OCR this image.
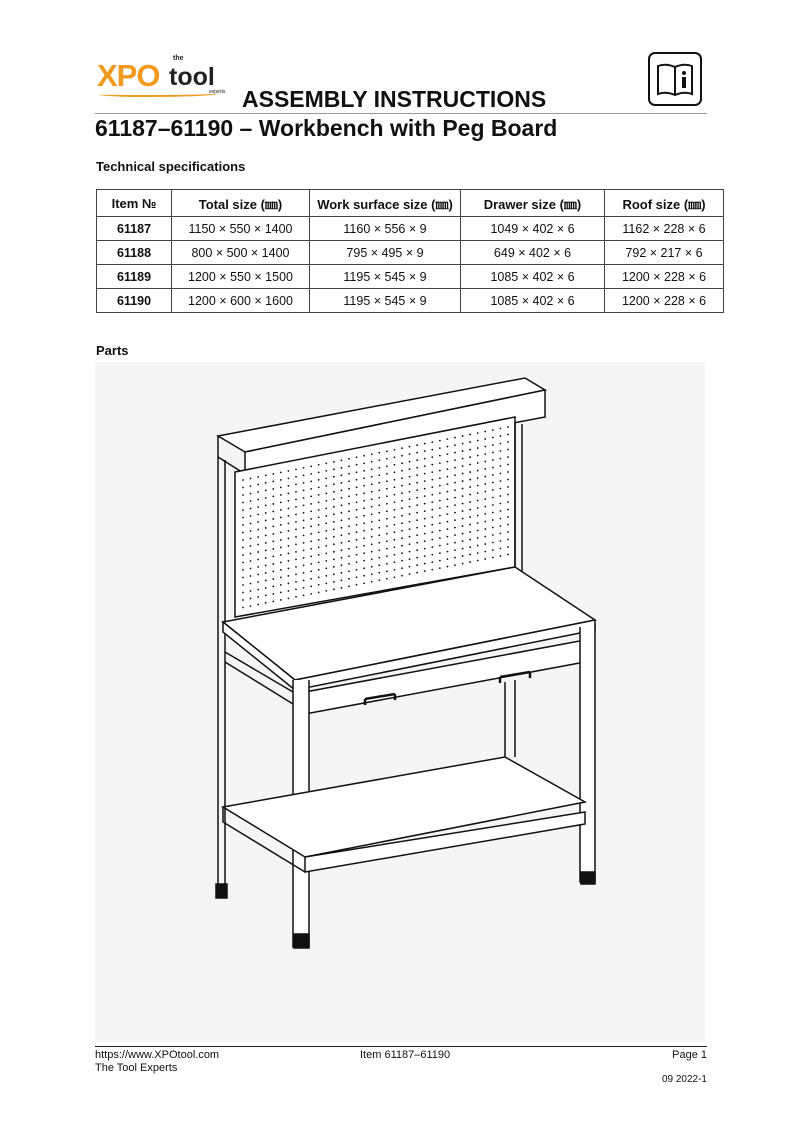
XPO the
tool
experts ASSEMBLY INSTRUCTIONS
61187–61190 – Workbench with Peg Board
Technical specifications
Item №	Total size (㎜)	Work surface size (㎜)	Drawer size (㎜)	Roof size (㎜)
61187	1150 × 550 × 1400	1160 × 556 × 9	1049 × 402 × 6	1162 × 228 × 6
61188	800 × 500 × 1400	795 × 495 × 9	649 × 402 × 6	792 × 217 × 6
61189	1200 × 550 × 1500	1195 × 545 × 9	1085 × 402 × 6	1200 × 228 × 6
61190	1200 × 600 × 1600	1195 × 545 × 9	1085 × 402 × 6	1200 × 228 × 6
Parts
https://www.XPOtool.com
The Tool Experts
Item 61187–61190	Page 1
09 2022-1
